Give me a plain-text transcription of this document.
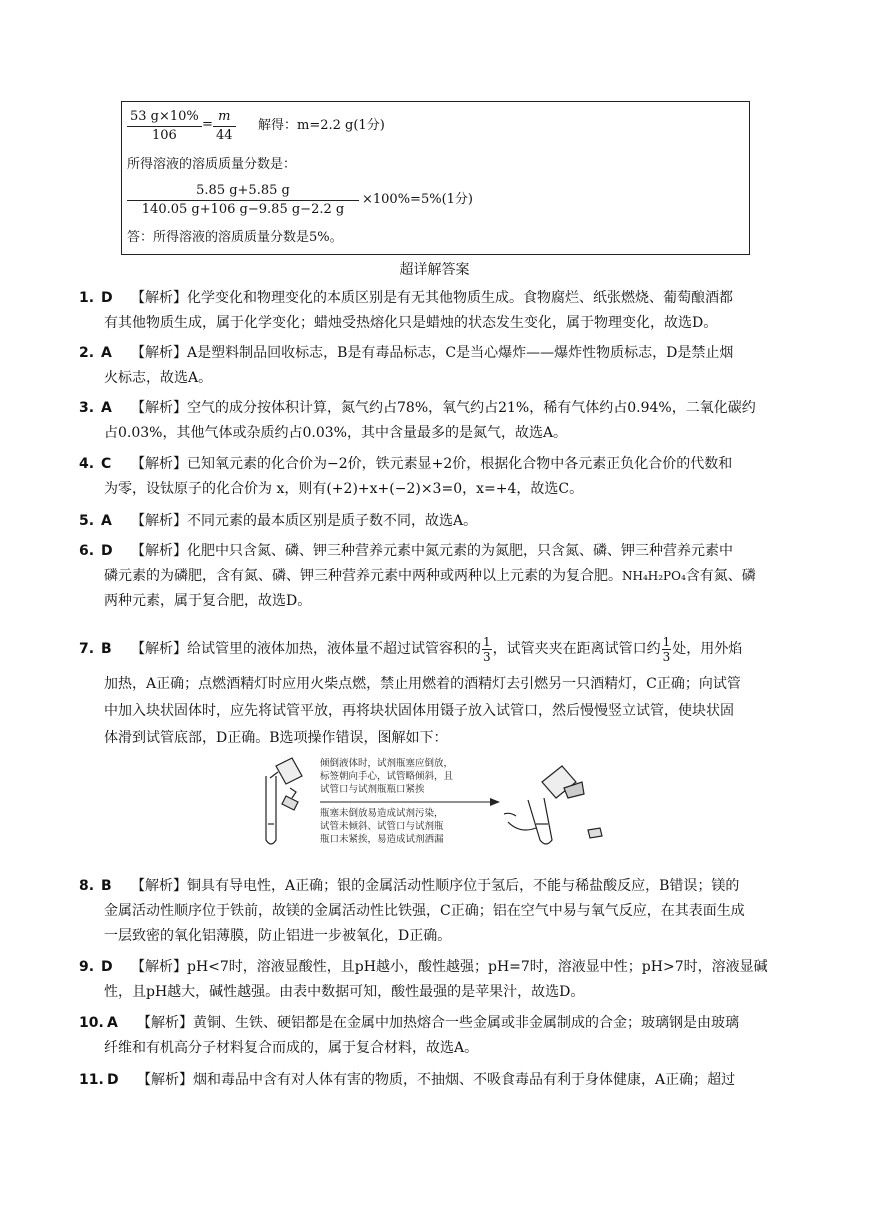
$\frac{53 g\times 10\%}{106} = \frac{m}{44}$ 解得：m=2.2 g(1分)
所得溶液的溶质质量分数是：
$\frac{5.85 g+5.85 g}{140.05 g+106 g-9.85 g-2.2 g} \times 100\%=5\%(1$分)
答：所得溶液的溶质质量分数是5%。
超详解答案
1. D 【解析】化学变化和物理变化的本质区别是有无其他物质生成。食物腐烂、纸张燃烧、葡萄酿酒都
有其他物质生成，属于化学变化；蜡烛受热熔化只是蜡烛的状态发生变化，属于物理变化，故选D。
2. A 【解析】A是塑料制品回收标志，B是有毒品标志，C是当心爆炸——爆炸性物质标志，D是禁止烟
火标志，故选A。
3. A 【解析】空气的成分按体积计算，氮气约占78%，氧气约占21%，稀有气体约占0.94%，二氧化碳约
占0.03%，其他气体或杂质约占0.03%，其中含量最多的是氮气，故选A。
4. C 【解析】已知氧元素的化合价为−2价，铁元素显+2价，根据化合物中各元素正负化合价的代数和
为零，设钛原子的化合价为 x，则有(+2)+x+(−2)×3=0，x=+4，故选C。
5. A 【解析】不同元素的最本质区别是质子数不同，故选A。
6. D 【解析】化肥中只含氮、磷、钾三种营养元素中氮元素的为氮肥，只含氮、磷、钾三种营养元素中
磷元素的为磷肥，含有氮、磷、钾三种营养元素中两种或两种以上元素的为复合肥。NH₄H₂PO₄含有氮、磷
两种元素，属于复合肥，故选D。
7. B 【解析】给试管里的液体加热，液体量不超过试管容积的 $\frac{1}{3}$ ，试管夹夹在距离试管口约 $\frac{1}{3}$ 处，用外焰
加热，A正确；点燃酒精灯时应用火柴点燃，禁止用燃着的酒精灯去引燃另一只酒精灯，C正确；向试管
中加入块状固体时，应先将试管平放，再将块状固体用镊子放入试管口，然后慢慢竖立试管，使块状固
体滑到试管底部，D正确。B选项操作错误，图解如下：
倾倒液体时，试剂瓶塞应倒放，
标签朝向手心，试管略倾斜，且
试管口与试剂瓶瓶口紧挨
瓶塞未倒放易造成试剂污染，
试管未倾斜、试管口与试剂瓶
瓶口未紧挨，易造成试剂洒漏
8. B 【解析】铜具有导电性，A正确；银的金属活动性顺序位于氢后，不能与稀盐酸反应，B错误；镁的
金属活动性顺序位于铁前，故镁的金属活动性比铁强，C正确；铝在空气中易与氧气反应，在其表面生成
一层致密的氧化铝薄膜，防止铝进一步被氧化，D正确。
9. D 【解析】pH<7时，溶液显酸性，且pH越小，酸性越强；pH=7时，溶液显中性；pH>7时，溶液显碱
性，且pH越大，碱性越强。由表中数据可知，酸性最强的是苹果汁，故选D。
10. A 【解析】黄铜、生铁、硬铝都是在金属中加热熔合一些金属或非金属制成的合金；玻璃钢是由玻璃
纤维和有机高分子材料复合而成的，属于复合材料，故选A。
11. D 【解析】烟和毒品中含有对人体有害的物质，不抽烟、不吸食毒品有利于身体健康，A正确；超过
